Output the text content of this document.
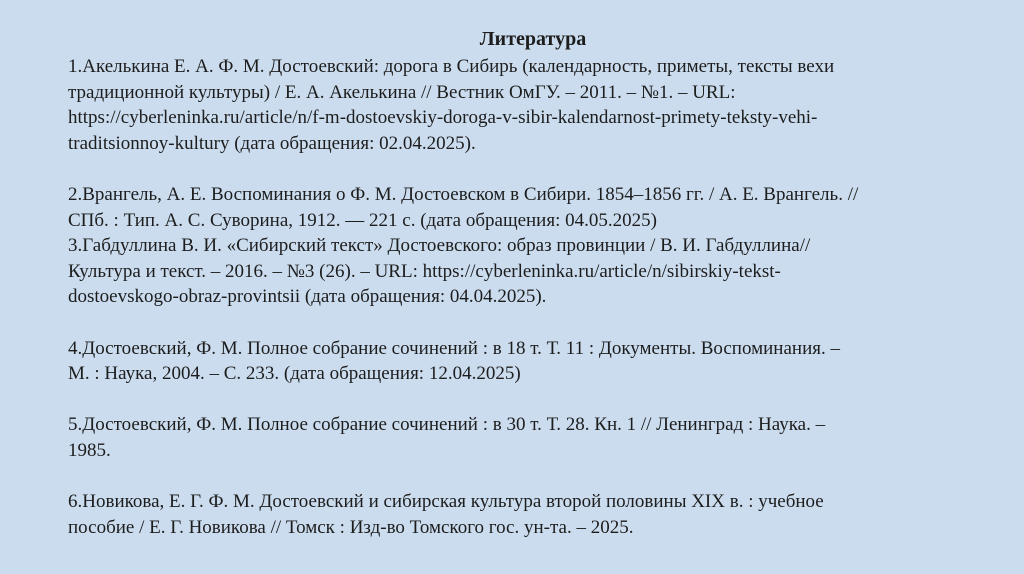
Литература
1.Акелькина Е. А. Ф. М. Достоевский: дорога в Сибирь (календарность, приметы, тексты вехи
традиционной культуры) / Е. А. Акелькина // Вестник ОмГУ. – 2011. – №1. – URL:
https://cyberleninka.ru/article/n/f-m-dostoevskiy-doroga-v-sibir-kalendarnost-primety-teksty-vehi-
traditsionnoy-kultury (дата обращения: 02.04.2025).
2.Врангель, А. Е. Воспоминания о Ф. М. Достоевском в Сибири. 1854–1856 гг. / А. Е. Врангель. //
СПб. : Тип. А. С. Суворина, 1912. — 221 с. (дата обращения: 04.05.2025)
3.Габдуллина В. И. «Сибирский текст» Достоевского: образ провинции / В. И. Габдуллина//
Культура и текст. – 2016. – №3 (26). – URL: https://cyberleninka.ru/article/n/sibirskiy-tekst-
dostoevskogo-obraz-provintsii (дата обращения: 04.04.2025).
4.Достоевский, Ф. М. Полное собрание сочинений : в 18 т. Т. 11 : Документы. Воспоминания. –
М. : Наука, 2004. – С. 233. (дата обращения: 12.04.2025)
5.Достоевский, Ф. М. Полное собрание сочинений : в 30 т. Т. 28. Кн. 1 // Ленинград : Наука. –
1985.
6.Новикова, Е. Г. Ф. М. Достоевский и сибирская культура второй половины XIX в. : учебное
пособие / Е. Г. Новикова // Томск : Изд-во Томского гос. ун-та. – 2025.
